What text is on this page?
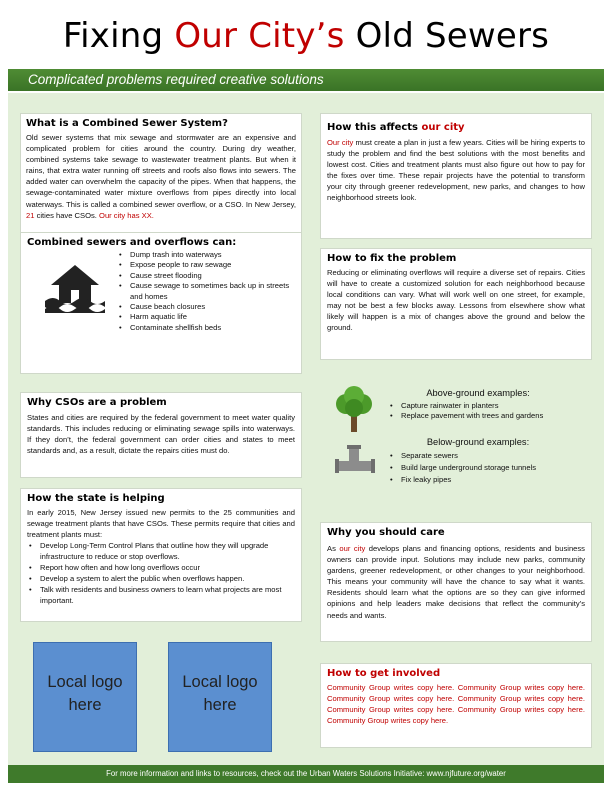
Fixing Our City’s Old Sewers
Complicated problems required creative solutions
What is a Combined Sewer System?

Old sewer systems that mix sewage and stormwater are an expensive and complicated problem for cities around the country. During dry weather, combined systems take sewage to wastewater treatment plants. But when it rains, that extra water running off streets and roofs also flows into sewers. The added water can overwhelm the capacity of the pipes. When that happens, the sewage-contaminated water mixture overflows from pipes directly into local waterways. This is called a combined sewer overflow, or a CSO. In New Jersey, 21 cities have CSOs. Our city has XX.

Combined sewers and overflows can:
• Dump trash into waterways
• Expose people to raw sewage
• Cause street flooding
• Cause sewage to sometimes back up in streets and homes
• Cause beach closures
• Harm aquatic life
• Contaminate shellfish beds
Why CSOs are a problem

States and cities are required by the federal government to meet water quality standards. This includes reducing or eliminating sewage spills into waterways. If they don’t, the federal government can order cities and states to meet standards and, as a result, dictate the repairs cities must do.

How the state is helping

In early 2015, New Jersey issued new permits to the 25 communities and sewage treatment plants that have CSOs. These permits require that cities and treatment plants must:

• Develop Long-Term Control Plans that outline how they will upgrade infrastructure to reduce or stop overflows.
• Report how often and how long overflows occur
• Develop a system to alert the public when overflows happen.
• Talk with residents and business owners to learn what projects are most important.
Local logo here
Local logo here
How this affects our city

Our city must create a plan in just a few years. Cities will be hiring experts to study the problem and find the best solutions with the most benefits and lowest cost. Cities and treatment plants must also figure out how to pay for the fixes over time. These repair projects have the potential to transform your city through greener redevelopment, new parks, and changes to how neighborhood streets look.

How to fix the problem

Reducing or eliminating overflows will require a diverse set of repairs. Cities will have to create a customized solution for each neighborhood because local conditions can vary. What will work well on one street, for example, may not be best a few blocks away. Lessons from elsewhere show what likely will happen is a mix of changes above the ground and below the ground.

Above-ground examples:
• Capture rainwater in planters
• Replace pavement with trees and gardens
Below-ground examples:
• Separate sewers
• Build large underground storage tunnels
• Fix leaky pipes
Why you should care

As our city develops plans and financing options, residents and business owners can provide input. Solutions may include new parks, community gardens, greener redevelopment, or other changes to your neighborhood. This means your community will have the chance to say what it wants. Residents should learn what the options are so they can give informed opinions and help leaders make decisions that reflect the community’s needs and wants.

How to get involved

Community Group writes copy here. Community Group writes copy here. Community Group writes copy here. Community Group writes copy here. Community Group writes copy here. Community Group writes copy here. Community Group writes copy here.

For more information and links to resources, check out the Urban Waters Solutions Initiative: www.njfuture.org/water
